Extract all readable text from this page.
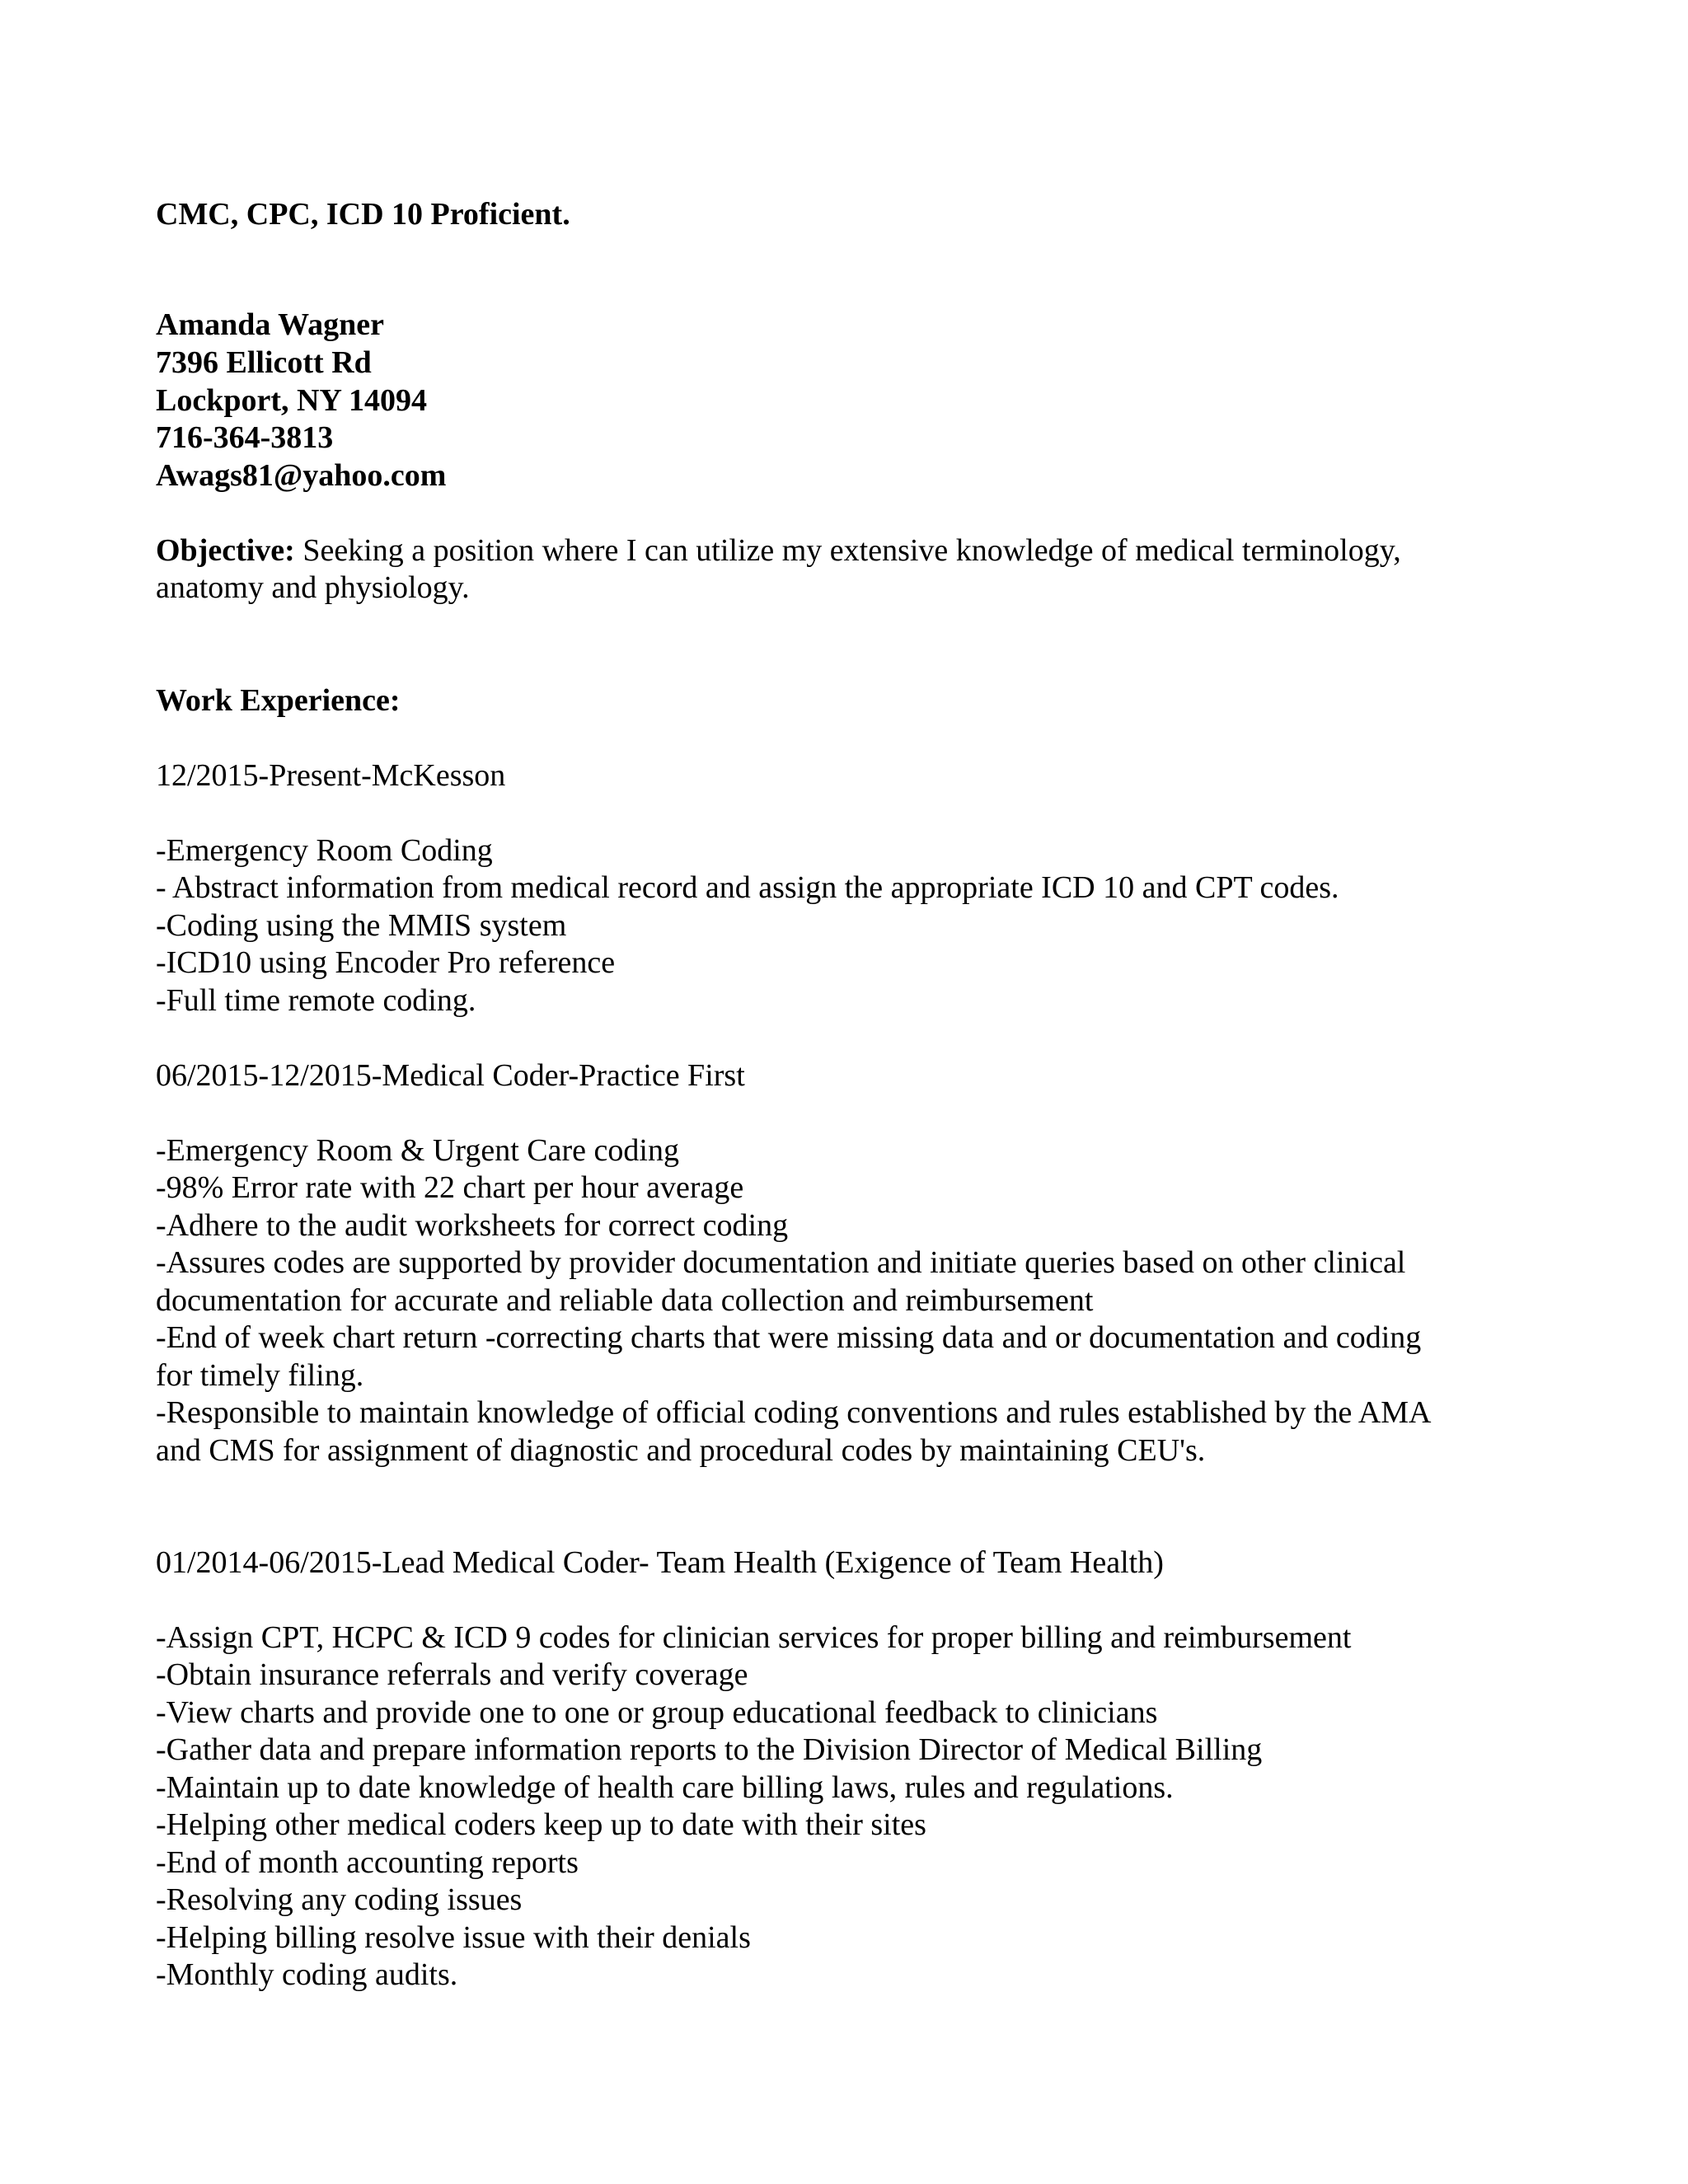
CMC, CPC, ICD 10 Proficient.

Amanda Wagner

7396 Ellicott Rd

Lockport, NY 14094

716-364-3813

Awags81@yahoo.com

Objective: Seeking a position where I can utilize my extensive knowledge of medical terminology,

anatomy and physiology.

Work Experience:

12/2015-Present-McKesson

-Emergency Room Coding

- Abstract information from medical record and assign the appropriate ICD 10 and CPT codes.

-Coding using the MMIS system

-ICD10 using Encoder Pro reference

-Full time remote coding.

06/2015-12/2015-Medical Coder-Practice First

-Emergency Room & Urgent Care coding

-98% Error rate with 22 chart per hour average

-Adhere to the audit worksheets for correct coding

-Assures codes are supported by provider documentation and initiate queries based on other clinical

documentation for accurate and reliable data collection and reimbursement

-End of week chart return -correcting charts that were missing data and or documentation and coding

for timely filing.

-Responsible to maintain knowledge of official coding conventions and rules established by the AMA

and CMS for assignment of diagnostic and procedural codes by maintaining CEU's.

01/2014-06/2015-Lead Medical Coder- Team Health (Exigence of Team Health)

-Assign CPT, HCPC & ICD 9 codes for clinician services for proper billing and reimbursement

-Obtain insurance referrals and verify coverage

-View charts and provide one to one or group educational feedback to clinicians

-Gather data and prepare information reports to the Division Director of Medical Billing

-Maintain up to date knowledge of health care billing laws, rules and regulations.

-Helping other medical coders keep up to date with their sites

-End of month accounting reports

-Resolving any coding issues

-Helping billing resolve issue with their denials

-Monthly coding audits.
